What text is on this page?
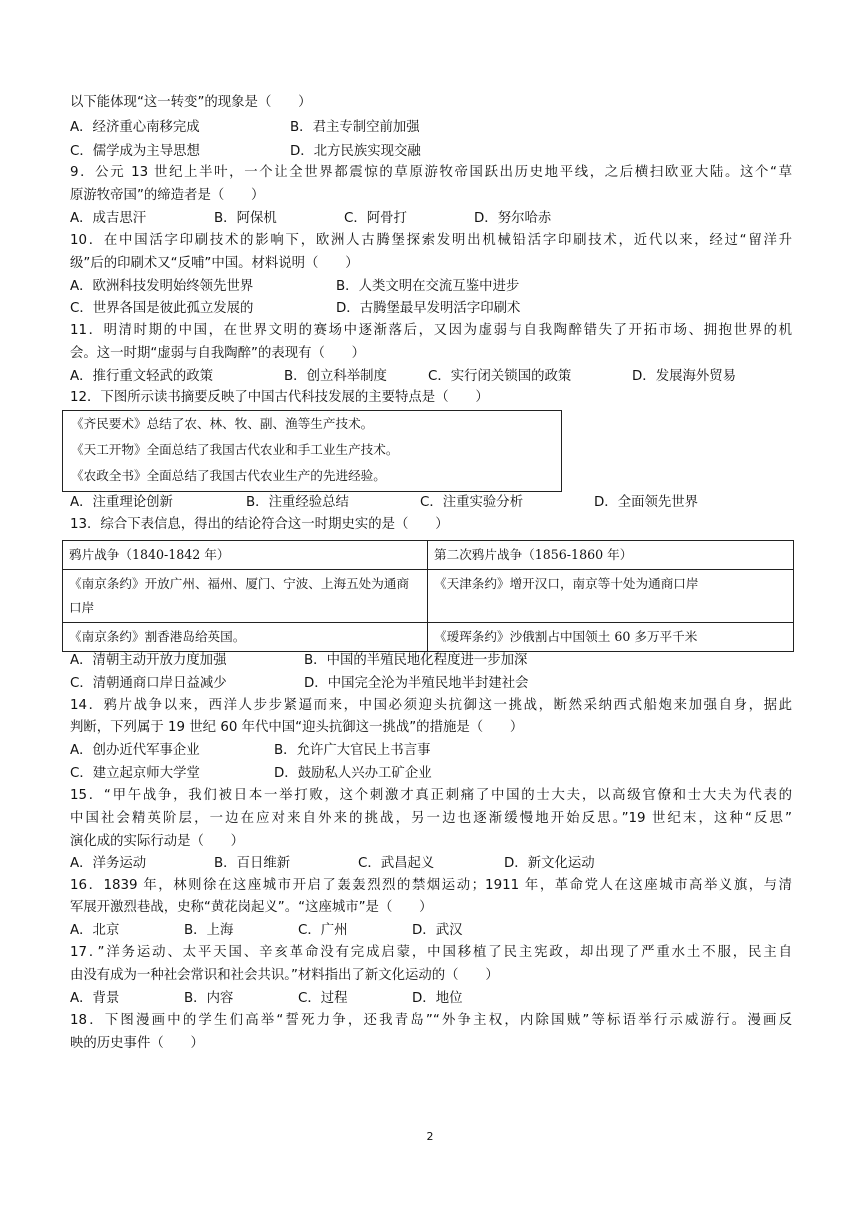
以下能体现“这一转变”的现象是（　　）
A．经济重心南移完成	B．君主专制空前加强
C．儒学成为主导思想	D．北方民族实现交融
9．公元 13 世纪上半叶，一个让全世界都震惊的草原游牧帝国跃出历史地平线，之后横扫欧亚大陆。这个“草
原游牧帝国”的缔造者是（　　）
A．成吉思汗	B．阿保机	C．阿骨打	D．努尔哈赤
10．在中国活字印刷技术的影响下，欧洲人古腾堡探索发明出机械铅活字印刷技术，近代以来，经过“留洋升
级”后的印刷术又“反哺”中国。材料说明（　　）
A．欧洲科技发明始终领先世界	B．人类文明在交流互鉴中进步
C．世界各国是彼此孤立发展的	D．古腾堡最早发明活字印刷术
11．明清时期的中国，在世界文明的赛场中逐渐落后，又因为虚弱与自我陶醉错失了开拓市场、拥抱世界的机
会。这一时期“虚弱与自我陶醉”的表现有（　　）
A．推行重文轻武的政策	B．创立科举制度	C．实行闭关锁国的政策	D．发展海外贸易
12．下图所示读书摘要反映了中国古代科技发展的主要特点是（　　）
《齐民要术》总结了农、林、牧、副、渔等生产技术。
《天工开物》全面总结了我国古代农业和手工业生产技术。
《农政全书》全面总结了我国古代农业生产的先进经验。
A．注重理论创新	B．注重经验总结	C．注重实验分析	D．全面领先世界
13．综合下表信息，得出的结论符合这一时期史实的是（　　）
鸦片战争（1840-1842 年）	第二次鸦片战争（1856-1860 年）
《南京条约》开放广州、福州、厦门、宁波、上海五处为通商口岸	《天津条约》增开汉口，南京等十处为通商口岸
《南京条约》割香港岛给英国。	《瑷珲条约》沙俄割占中国领土 60 多万平千米
A．清朝主动开放力度加强	B．中国的半殖民地化程度进一步加深
C．清朝通商口岸日益减少	D．中国完全沦为半殖民地半封建社会
14．鸦片战争以来，西洋人步步紧逼而来，中国必须迎头抗御这一挑战，断然采纳西式船炮来加强自身，据此
判断，下列属于 19 世纪 60 年代中国“迎头抗御这一挑战”的措施是（　　）
A．创办近代军事企业	B．允许广大官民上书言事
C．建立起京师大学堂	D．鼓励私人兴办工矿企业
15．“甲午战争，我们被日本一举打败，这个刺激才真正刺痛了中国的士大夫，以高级官僚和士大夫为代表的
中国社会精英阶层，一边在应对来自外来的挑战，另一边也逐渐缓慢地开始反思。”19 世纪末，这种“反思”
演化成的实际行动是（　　）
A．洋务运动	B．百日维新	C．武昌起义	D．新文化运动
16．1839 年，林则徐在这座城市开启了轰轰烈烈的禁烟运动；1911 年，革命党人在这座城市高举义旗，与清
军展开激烈巷战，史称“黄花岗起义”。“这座城市”是（　　）
A．北京	B．上海	C．广州	D．武汉
17．”洋务运动、太平天国、辛亥革命没有完成启蒙，中国移植了民主宪政，却出现了严重水土不服，民主自
由没有成为一种社会常识和社会共识。”材料指出了新文化运动的（　　）
A．背景	B．内容	C．过程	D．地位
18．下图漫画中的学生们高举“誓死力争，还我青岛”“外争主权，内除国贼”等标语举行示威游行。漫画反
映的历史事件（　　）
2
